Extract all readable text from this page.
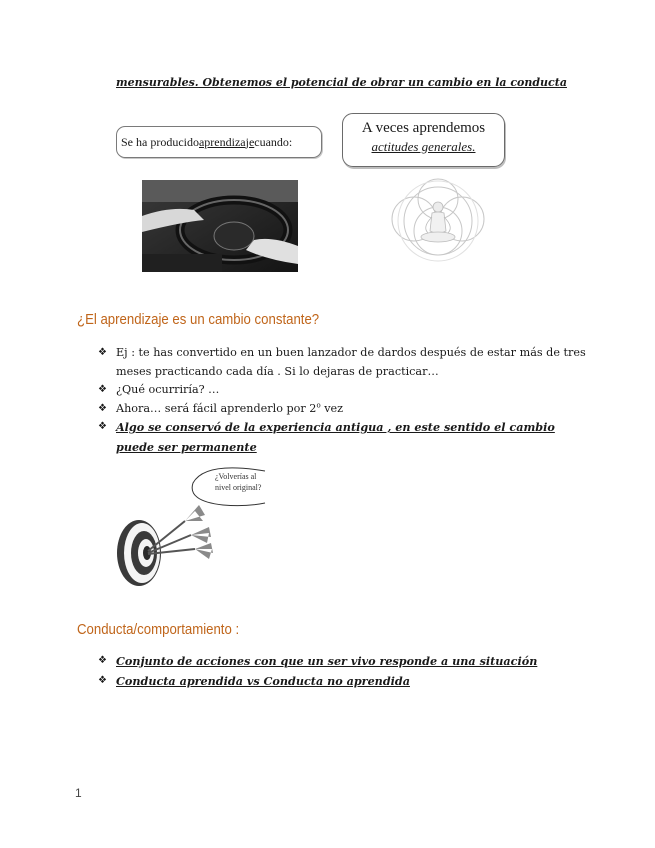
mensurables. Obtenemos el potencial de obrar un cambio en la conducta
Se ha producido aprendizaje cuando:
A veces aprendemos
actitudes generales.
¿El aprendizaje es un cambio constante?
❖ Ej : te has convertido en un buen lanzador de dardos después de estar más de tres meses practicando cada día . Si lo dejaras de practicar…
❖ ¿Qué ocurriría? …
❖ Ahora… será fácil aprenderlo por 2$^o$ vez
❖ Algo se conservó de la experiencia antigua , en este sentido el cambio puede ser permanente
¿Volverías al
nivel original?
Conducta/comportamiento :
❖ Conjunto de acciones con que un ser vivo responde a una situación
❖ Conducta aprendida vs Conducta no aprendida
1
